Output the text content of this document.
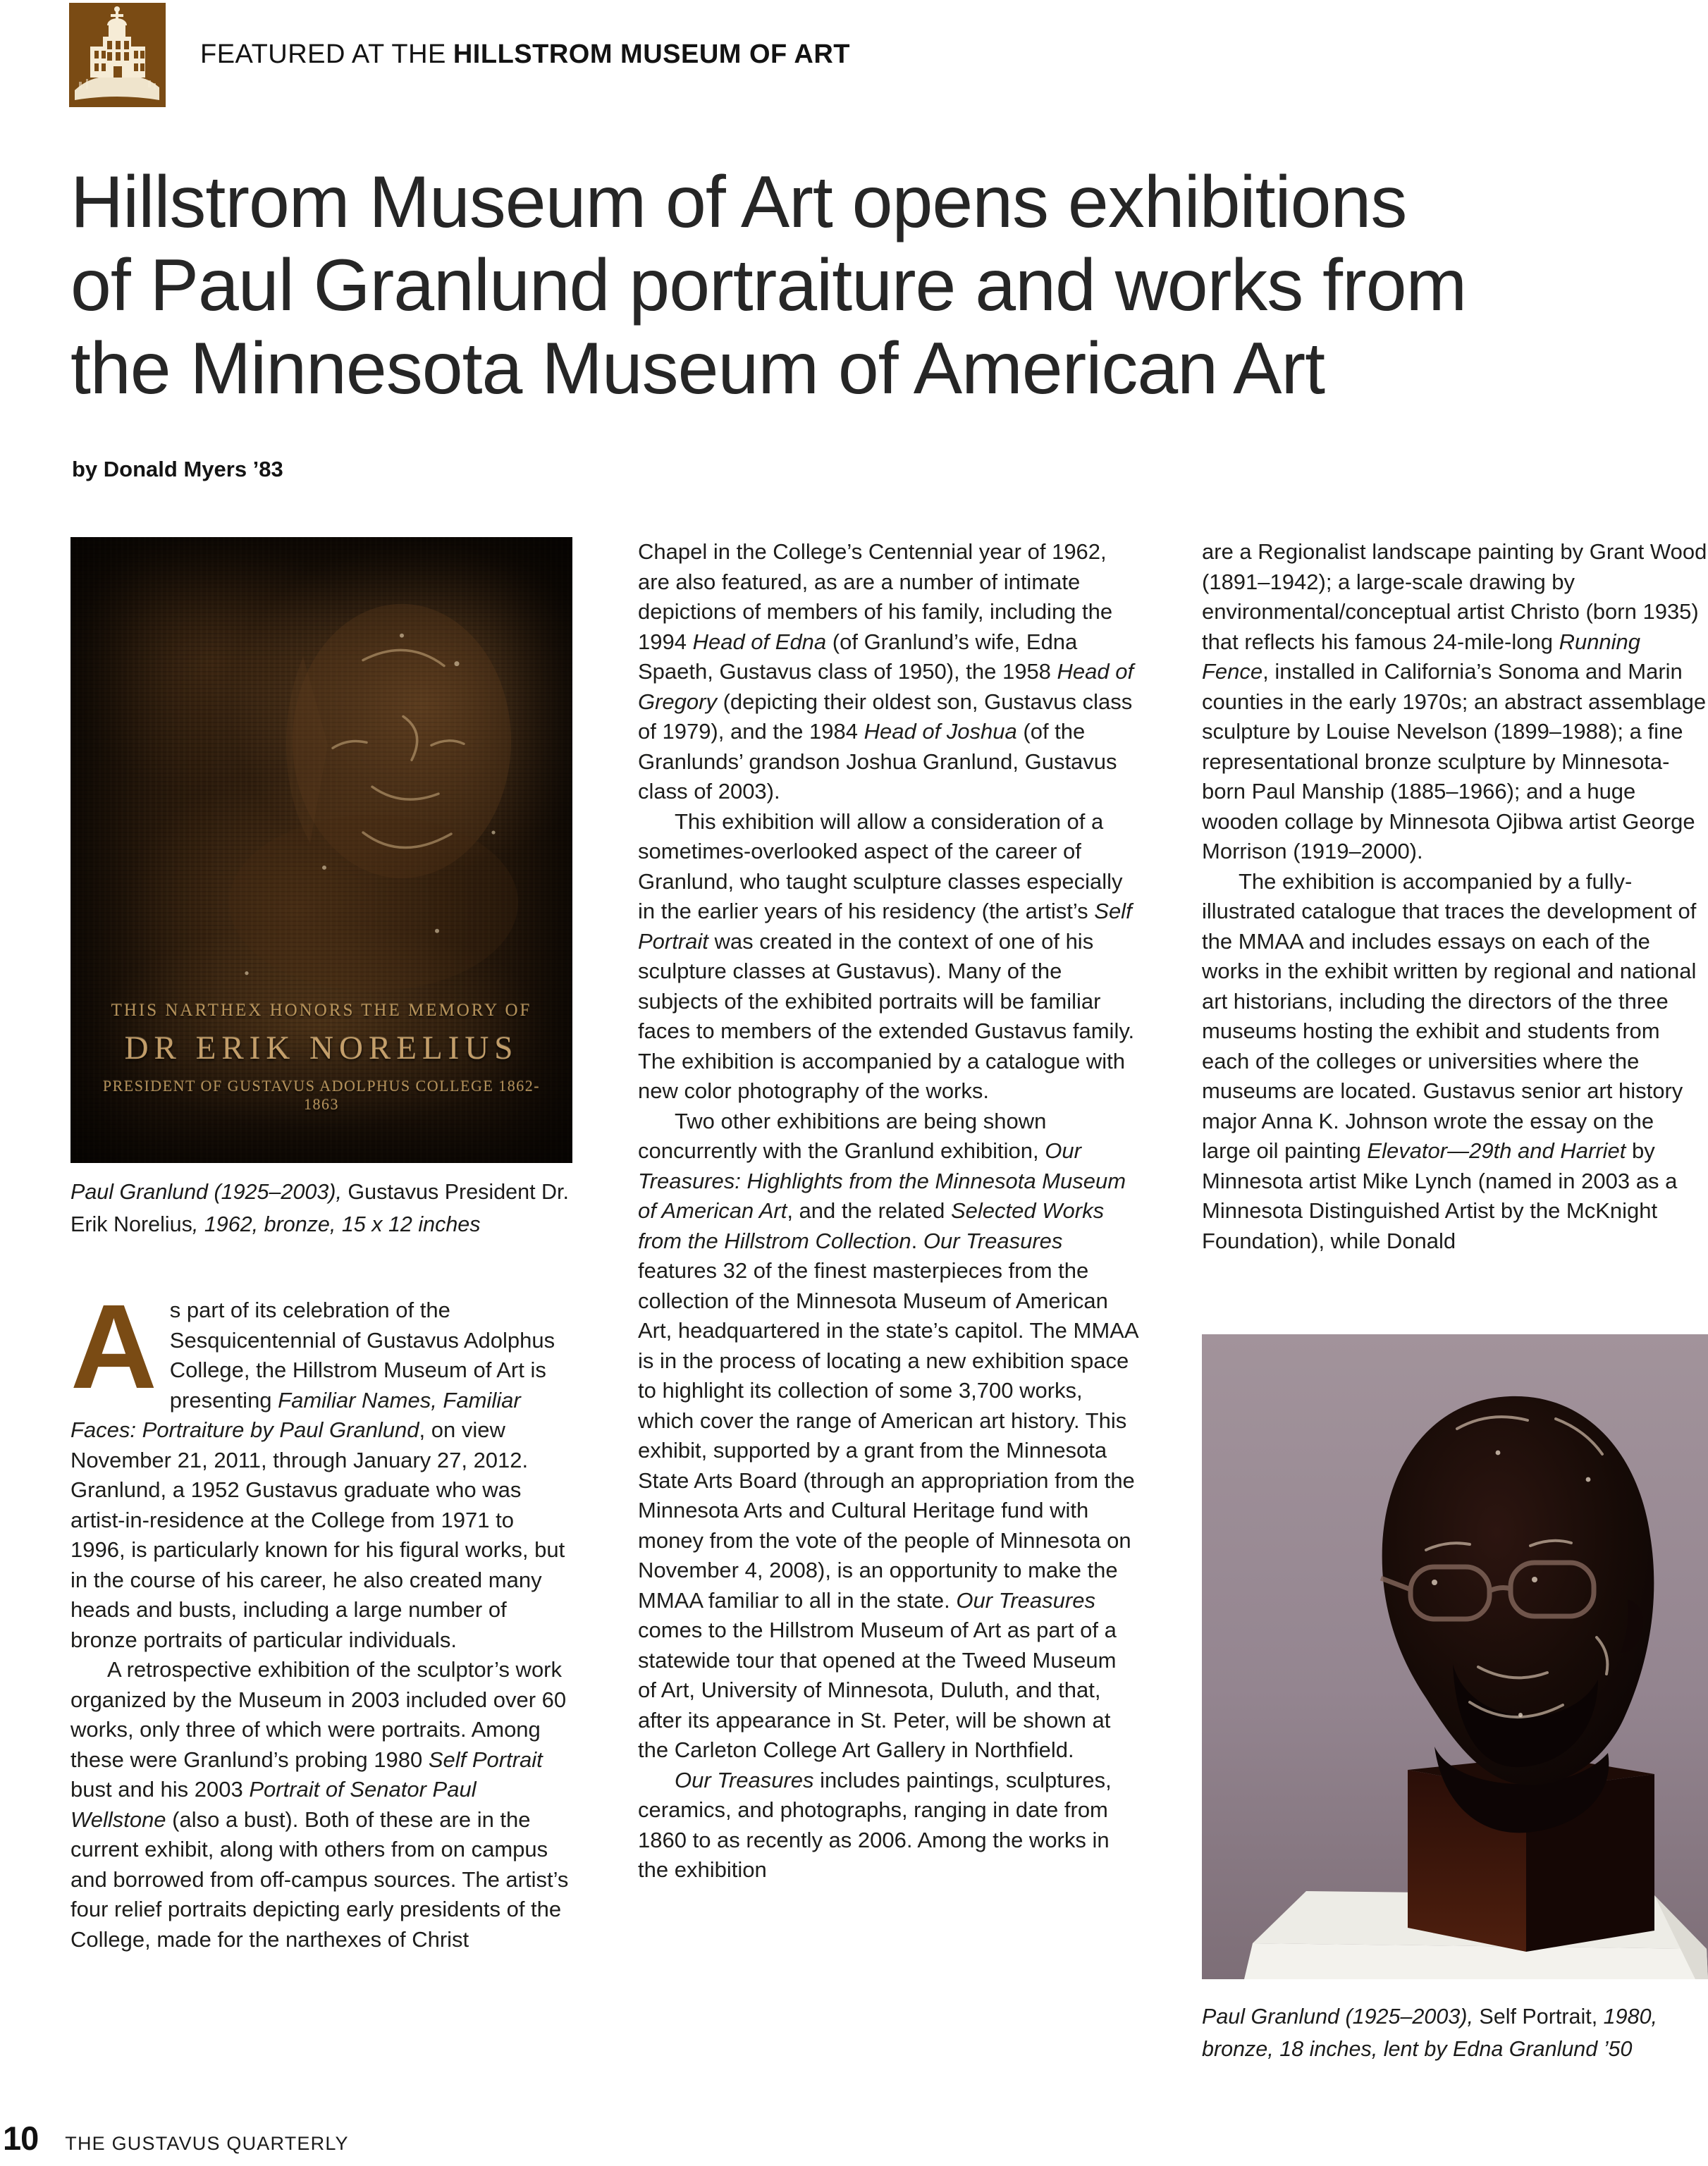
FEATURED AT THE HILLSTROM MUSEUM OF ART
Hillstrom Museum of Art opens exhibitions
of Paul Granlund portraiture and works from
the Minnesota Museum of American Art
by Donald Myers ’83
THIS NARTHEX HONORS THE MEMORY OF
DR ERIK NORELIUS
PRESIDENT OF GUSTAVUS ADOLPHUS COLLEGE 1862-1863
Paul Granlund (1925–2003), Gustavus President Dr. Erik Norelius, 1962, bronze, 15 x 12 inches

As part of its celebration of the Sesquicentennial of Gustavus Adolphus College, the Hillstrom Museum of Art is presenting Familiar Names, Familiar Faces: Portraiture by Paul Granlund, on view November 21, 2011, through January 27, 2012. Granlund, a 1952 Gustavus graduate who was artist-in-residence at the College from 1971 to 1996, is particularly known for his figural works, but in the course of his career, he also created many heads and busts, including a large number of bronze portraits of particular individuals.

A retrospective exhibition of the sculptor’s work organized by the Museum in 2003 included over 60 works, only three of which were portraits. Among these were Granlund’s probing 1980 Self Portrait bust and his 2003 Portrait of Senator Paul Wellstone (also a bust). Both of these are in the current exhibit, along with others from on campus and borrowed from off-campus sources. The artist’s four relief portraits depicting early presidents of the College, made for the narthexes of Christ

Chapel in the College’s Centennial year of 1962, are also featured, as are a number of intimate depictions of members of his family, including the 1994 Head of Edna (of Granlund’s wife, Edna Spaeth, Gustavus class of 1950), the 1958 Head of Gregory (depicting their oldest son, Gustavus class of 1979), and the 1984 Head of Joshua (of the Granlunds’ grandson Joshua Granlund, Gustavus class of 2003).

This exhibition will allow a consideration of a sometimes-overlooked aspect of the career of Granlund, who taught sculpture classes especially in the earlier years of his residency (the artist’s Self Portrait was created in the context of one of his sculpture classes at Gustavus). Many of the subjects of the exhibited portraits will be familiar faces to members of the extended Gustavus family. The exhibition is accompanied by a catalogue with new color photography of the works.

Two other exhibitions are being shown concurrently with the Granlund exhibition, Our Treasures: Highlights from the Minnesota Museum of American Art, and the related Selected Works from the Hillstrom Collection. Our Treasures features 32 of the finest masterpieces from the collection of the Minnesota Museum of American Art, headquartered in the state’s capitol. The MMAA is in the process of locating a new exhibition space to highlight its collection of some 3,700 works, which cover the range of American art history. This exhibit, supported by a grant from the Minnesota State Arts Board (through an appropriation from the Minnesota Arts and Cultural Heritage fund with money from the vote of the people of Minnesota on November 4, 2008), is an opportunity to make the MMAA familiar to all in the state. Our Treasures comes to the Hillstrom Museum of Art as part of a statewide tour that opened at the Tweed Museum of Art, University of Minnesota, Duluth, and that, after its appearance in St. Peter, will be shown at the Carleton College Art Gallery in Northfield.

Our Treasures includes paintings, sculptures, ceramics, and photographs, ranging in date from 1860 to as recently as 2006. Among the works in the exhibition

are a Regionalist landscape painting by Grant Wood (1891–1942); a large-scale drawing by environmental/conceptual artist Christo (born 1935) that reflects his famous 24-mile-long Running Fence, installed in California’s Sonoma and Marin counties in the early 1970s; an abstract assemblage sculpture by Louise Nevelson (1899–1988); a fine representational bronze sculpture by Minnesota-born Paul Manship (1885–1966); and a huge wooden collage by Minnesota Ojibwa artist George Morrison (1919–2000).

The exhibition is accompanied by a fully-illustrated catalogue that traces the development of the MMAA and includes essays on each of the works in the exhibit written by regional and national art historians, including the directors of the three museums hosting the exhibit and students from each of the colleges or universities where the museums are located. Gustavus senior art history major Anna K. Johnson wrote the essay on the large oil painting Elevator—29th and Harriet by Minnesota artist Mike Lynch (named in 2003 as a Minnesota Distinguished Artist by the McKnight Foundation), while Donald

Paul Granlund (1925–2003), Self Portrait, 1980, bronze, 18 inches, lent by Edna Granlund ’50
10 THE GUSTAVUS QUARTERLY
